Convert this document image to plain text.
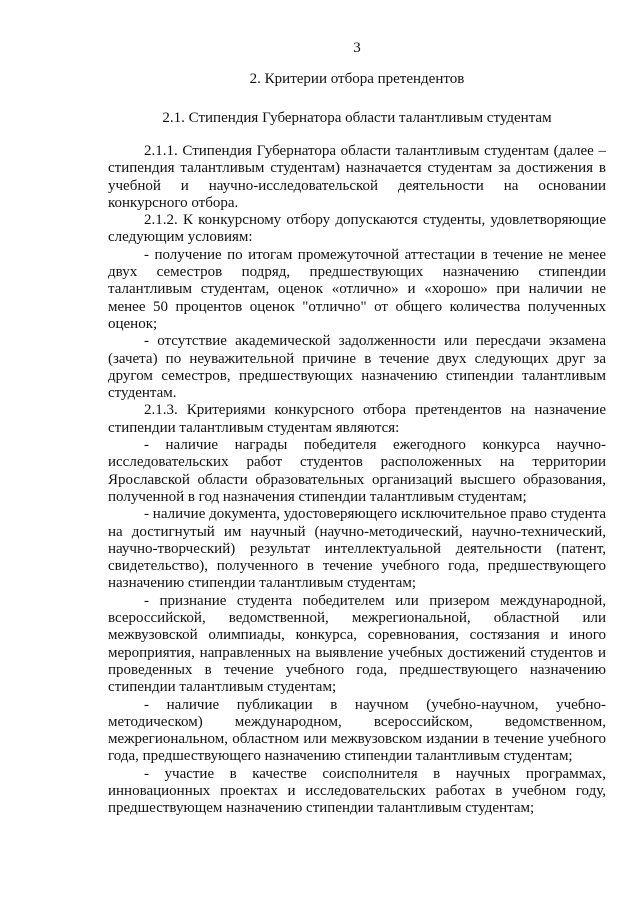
3
2. Критерии отбора претендентов
2.1. Стипендия Губернатора области талантливым студентам

2.1.1. Стипендия Губернатора области талантливым студентам (далее – стипендия талантливым студентам) назначается студентам за достижения в учебной и научно-исследовательской деятельности на основании конкурсного отбора.

2.1.2. К конкурсному отбору допускаются студенты, удовлетворяющие следующим условиям:

- получение по итогам промежуточной аттестации в течение не менее двух семестров подряд, предшествующих назначению стипендии талантливым студентам, оценок «отлично» и «хорошо» при наличии не менее 50 процентов оценок "отлично" от общего количества полученных оценок;

- отсутствие академической задолженности или пересдачи экзамена (зачета) по неуважительной причине в течение двух следующих друг за другом семестров, предшествующих назначению стипендии талантливым студентам.

2.1.3. Критериями конкурсного отбора претендентов на назначение стипендии талантливым студентам являются:

- наличие награды победителя ежегодного конкурса научно-исследовательских работ студентов расположенных на территории Ярославской области образовательных организаций высшего образования, полученной в год назначения стипендии талантливым студентам;

- наличие документа, удостоверяющего исключительное право студента на достигнутый им научный (научно-методический, научно-технический, научно-творческий) результат интеллектуальной деятельности (патент, свидетельство), полученного в течение учебного года, предшествующего назначению стипендии талантливым студентам;

- признание студента победителем или призером международной, всероссийской, ведомственной, межрегиональной, областной или межвузовской олимпиады, конкурса, соревнования, состязания и иного мероприятия, направленных на выявление учебных достижений студентов и проведенных в течение учебного года, предшествующего назначению стипендии талантливым студентам;

- наличие публикации в научном (учебно-научном, учебно-методическом) международном, всероссийском, ведомственном, межрегиональном, областном или межвузовском издании в течение учебного года, предшествующего назначению стипендии талантливым студентам;

- участие в качестве соисполнителя в научных программах, инновационных проектах и исследовательских работах в учебном году, предшествующем назначению стипендии талантливым студентам;
